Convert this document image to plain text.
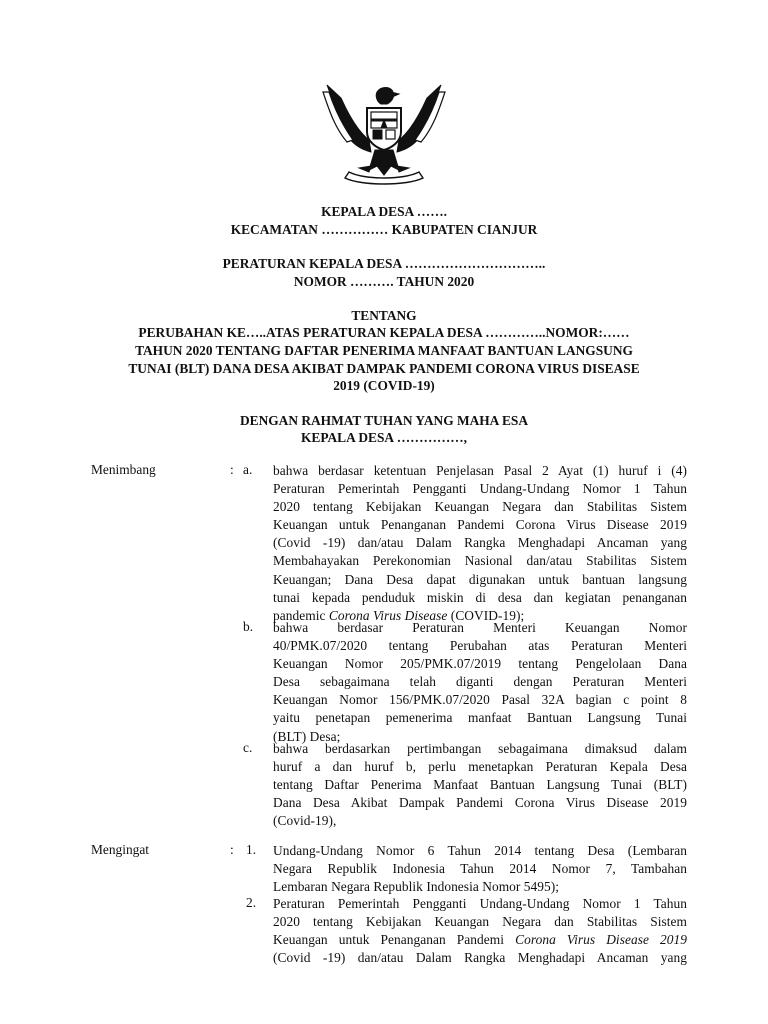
KEPALA DESA …….
KECAMATAN …………… KABUPATEN CIANJUR
PERATURAN KEPALA DESA …………………………..
NOMOR ………. TAHUN 2020
TENTANG
PERUBAHAN KE…..ATAS PERATURAN KEPALA DESA …………..NOMOR:……
TAHUN 2020 TENTANG DAFTAR PENERIMA MANFAAT BANTUAN LANGSUNG
TUNAI (BLT) DANA DESA AKIBAT DAMPAK PANDEMI CORONA VIRUS DISEASE
2019 (COVID-19)
DENGAN RAHMAT TUHAN YANG MAHA ESA
KEPALA DESA ……………,
Menimbang	: a. bahwa berdasar ketentuan Penjelasan Pasal 2 Ayat (1) huruf i (4)
Peraturan Pemerintah Pengganti Undang-Undang Nomor 1 Tahun
2020 tentang Kebijakan Keuangan Negara dan Stabilitas Sistem
Keuangan untuk Penanganan Pandemi Corona Virus Disease 2019
(Covid -19) dan/atau Dalam Rangka Menghadapi Ancaman yang
Membahayakan Perekonomian Nasional dan/atau Stabilitas Sistem
Keuangan; Dana Desa dapat digunakan untuk bantuan langsung
tunai kepada penduduk miskin di desa dan kegiatan penanganan
pandemic Corona Virus Disease (COVID-19);
b. bahwa berdasar Peraturan Menteri Keuangan Nomor
40/PMK.07/2020 tentang Perubahan atas Peraturan Menteri
Keuangan Nomor 205/PMK.07/2019 tentang Pengelolaan Dana
Desa sebagaimana telah diganti dengan Peraturan Menteri
Keuangan Nomor 156/PMK.07/2020 Pasal 32A bagian c point 8
yaitu penetapan pemenerima manfaat Bantuan Langsung Tunai
(BLT) Desa;
c. bahwa berdasarkan pertimbangan sebagaimana dimaksud dalam
huruf a dan huruf b, perlu menetapkan Peraturan Kepala Desa
tentang Daftar Penerima Manfaat Bantuan Langsung Tunai (BLT)
Dana Desa Akibat Dampak Pandemi Corona Virus Disease 2019
(Covid-19),
Mengingat	: 1. Undang-Undang Nomor 6 Tahun 2014 tentang Desa (Lembaran
Negara Republik Indonesia Tahun 2014 Nomor 7, Tambahan
Lembaran Negara Republik Indonesia Nomor 5495);
2. Peraturan Pemerintah Pengganti Undang-Undang Nomor 1 Tahun
2020 tentang Kebijakan Keuangan Negara dan Stabilitas Sistem
Keuangan untuk Penanganan Pandemi Corona Virus Disease 2019
(Covid -19) dan/atau Dalam Rangka Menghadapi Ancaman yang
